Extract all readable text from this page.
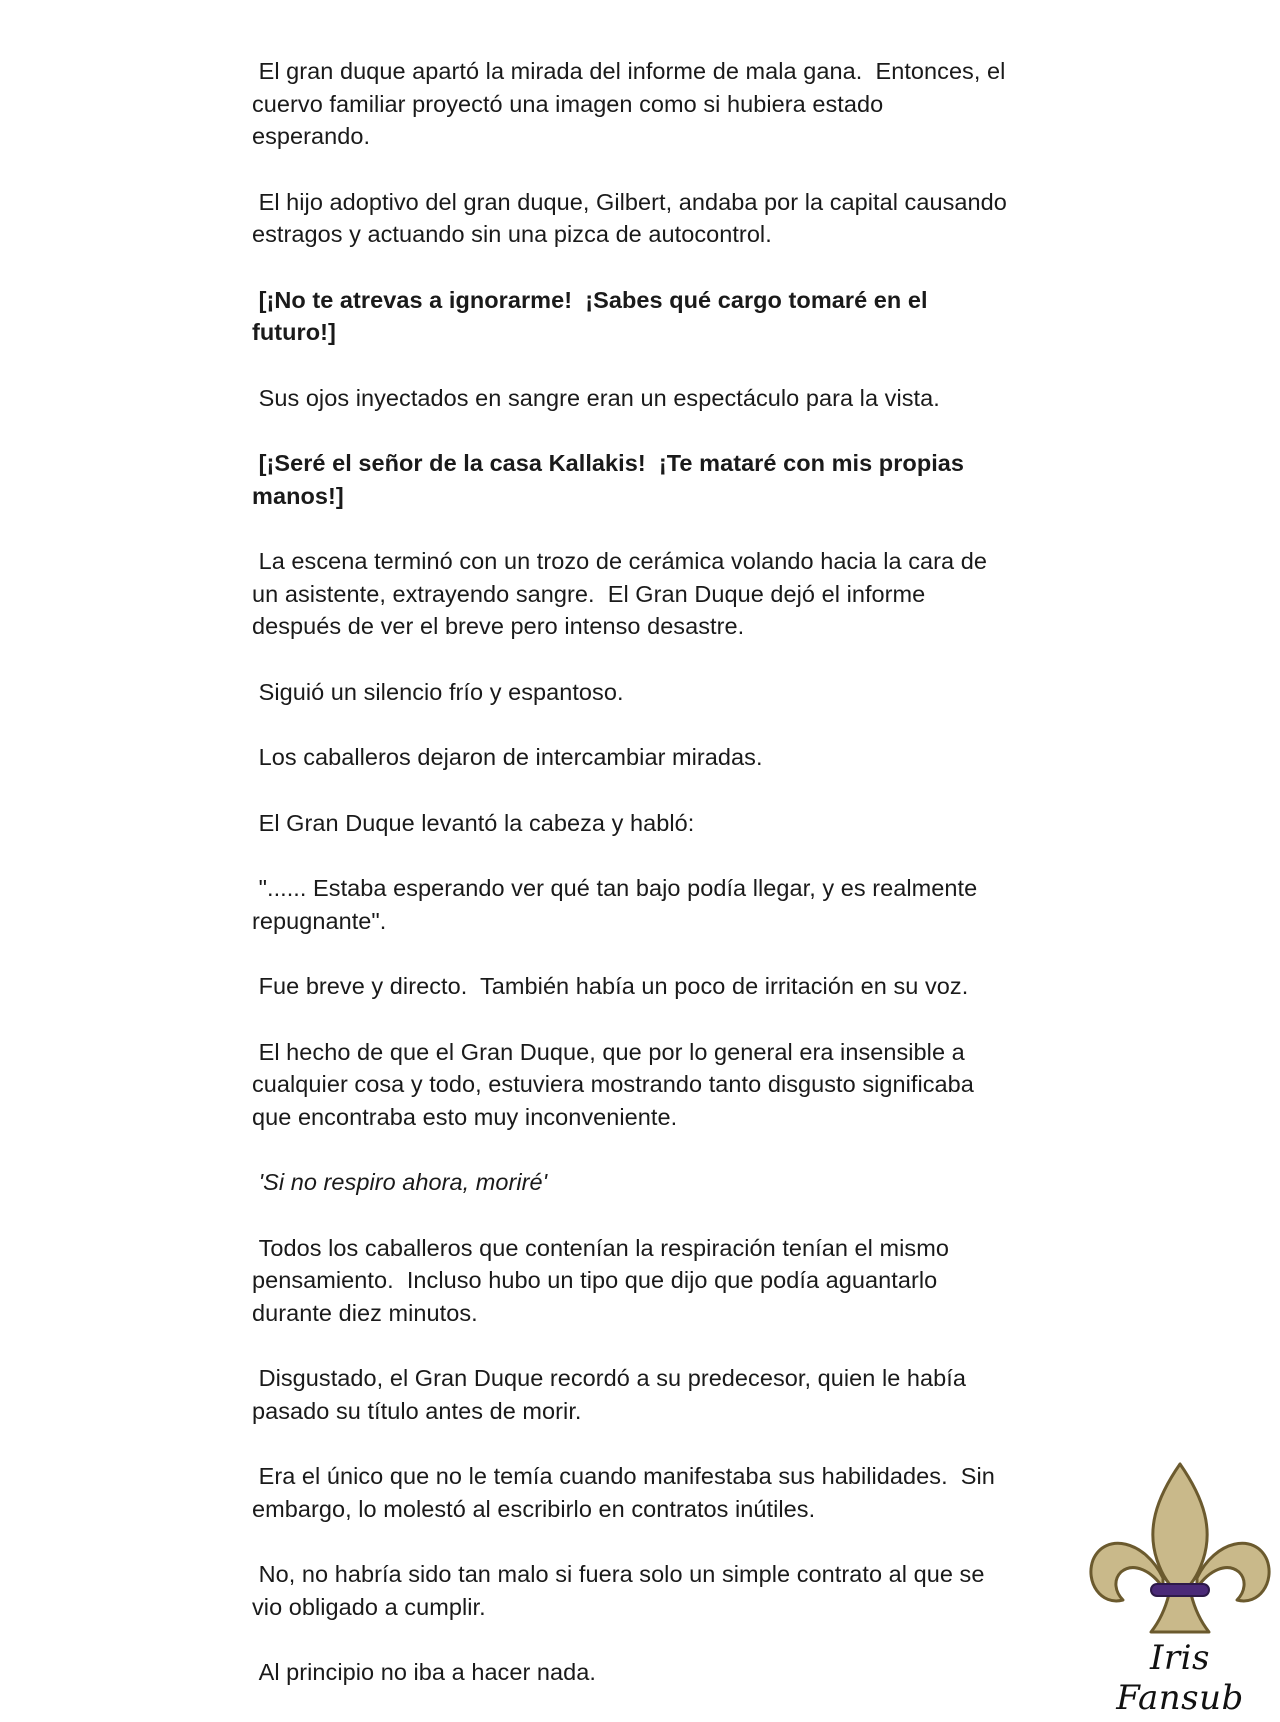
El gran duque apartó la mirada del informe de mala gana.  Entonces, el
cuervo familiar proyectó una imagen como si hubiera estado
esperando.

El hijo adoptivo del gran duque, Gilbert, andaba por la capital causando
estragos y actuando sin una pizca de autocontrol.

[¡No te atrevas a ignorarme!  ¡Sabes qué cargo tomaré en el
futuro!]

Sus ojos inyectados en sangre eran un espectáculo para la vista.

[¡Seré el señor de la casa Kallakis!  ¡Te mataré con mis propias
manos!]

La escena terminó con un trozo de cerámica volando hacia la cara de
un asistente, extrayendo sangre.  El Gran Duque dejó el informe
después de ver el breve pero intenso desastre.

Siguió un silencio frío y espantoso.

Los caballeros dejaron de intercambiar miradas.

El Gran Duque levantó la cabeza y habló:

"...... Estaba esperando ver qué tan bajo podía llegar, y es realmente
repugnante".

Fue breve y directo.  También había un poco de irritación en su voz.

El hecho de que el Gran Duque, que por lo general era insensible a
cualquier cosa y todo, estuviera mostrando tanto disgusto significaba
que encontraba esto muy inconveniente.

'Si no respiro ahora, moriré'

Todos los caballeros que contenían la respiración tenían el mismo
pensamiento.  Incluso hubo un tipo que dijo que podía aguantarlo
durante diez minutos.

Disgustado, el Gran Duque recordó a su predecesor, quien le había
pasado su título antes de morir.

Era el único que no le temía cuando manifestaba sus habilidades.  Sin
embargo, lo molestó al escribirlo en contratos inútiles.

No, no habría sido tan malo si fuera solo un simple contrato al que se
vio obligado a cumplir.

Al principio no iba a hacer nada.	Iris Fansub
